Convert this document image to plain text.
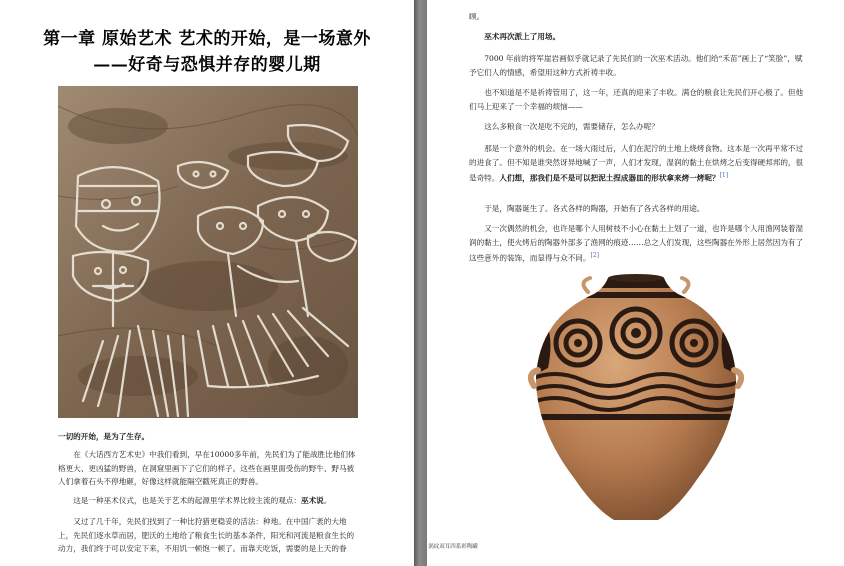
第一章 原始艺术 艺术的开始，是一场意外
——好奇与恐惧并存的婴儿期
一切的开始，是为了生存。
在《大话西方艺术史》中我们看到，早在10000多年前，先民们为了能战胜比他们体格更大、更凶猛的野兽，在洞窟里画下了它们的样子。这些在画里面受伤的野牛、野马被人们拿着石头不停地砸，好像这样就能隔空戳死真正的野兽。
这是一种巫术仪式，也是关于艺术的起源里学术界比较主流的观点：巫术说。
又过了几千年，先民们找到了一种比狩猎更稳妥的活法：种地。在中国广袤的大地上，先民们逐水草而居，肥沃的土地给了粮食生长的基本条件，阳光和河流是粮食生长的动力，我们终于可以安定下来，不用饥一顿饱一顿了。而靠天吃饭，需要的是上天的眷
顾。
巫术再次派上了用场。
7000 年前的将军崖岩画似乎就记录了先民们的一次巫术活动。他们给“禾苗”画上了“笑脸”，赋予它们人的情感，希望用这种方式祈祷丰收。
也不知道是不是祈祷管用了，这一年，还真的迎来了丰收。满仓的粮食让先民们开心极了。但他们马上迎来了一个幸福的烦恼——
这么多粮食一次是吃不完的，需要储存，怎么办呢？
那是一个意外的机会。在一场大雨过后，人们在泥泞的土地上烧烤食物。这本是一次再平常不过的进食了。但不知是谁突然讶异地喊了一声，人们才发现，湿润的黏土在烘烤之后变得硬邦邦的，很是奇特。人们想，那我们是不是可以把泥土捏成器皿的形状拿来烤一烤呢？[1]
于是，陶器诞生了。各式各样的陶器，开始有了各式各样的用途。
又一次偶然的机会，也许是哪个人用树枝不小心在黏土上划了一道，也许是哪个人用渔网装着湿润的黏土，使火烤后的陶器外部多了渔网的痕迹……总之人们发现，这些陶器在外形上居然因为有了这些意外的装饰，而显得与众不同。[2]
涡纹双耳四系彩陶罐
